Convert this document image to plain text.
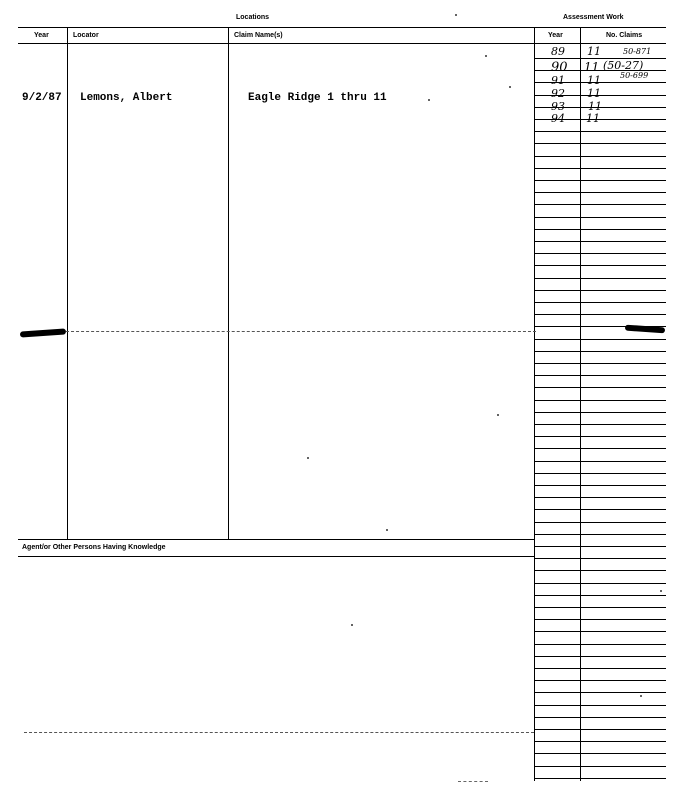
Locations	Assessment Work
Year	Locator	Claim Name(s)	Year	No. Claims
9/2/87 Lemons, Albert	Eagle Ridge 1 thru 11
89 11	50-871
90 11 (50-27)
91 11 50-699
92 11
93 11
94 11
Agent/or Other Persons Having Knowledge
